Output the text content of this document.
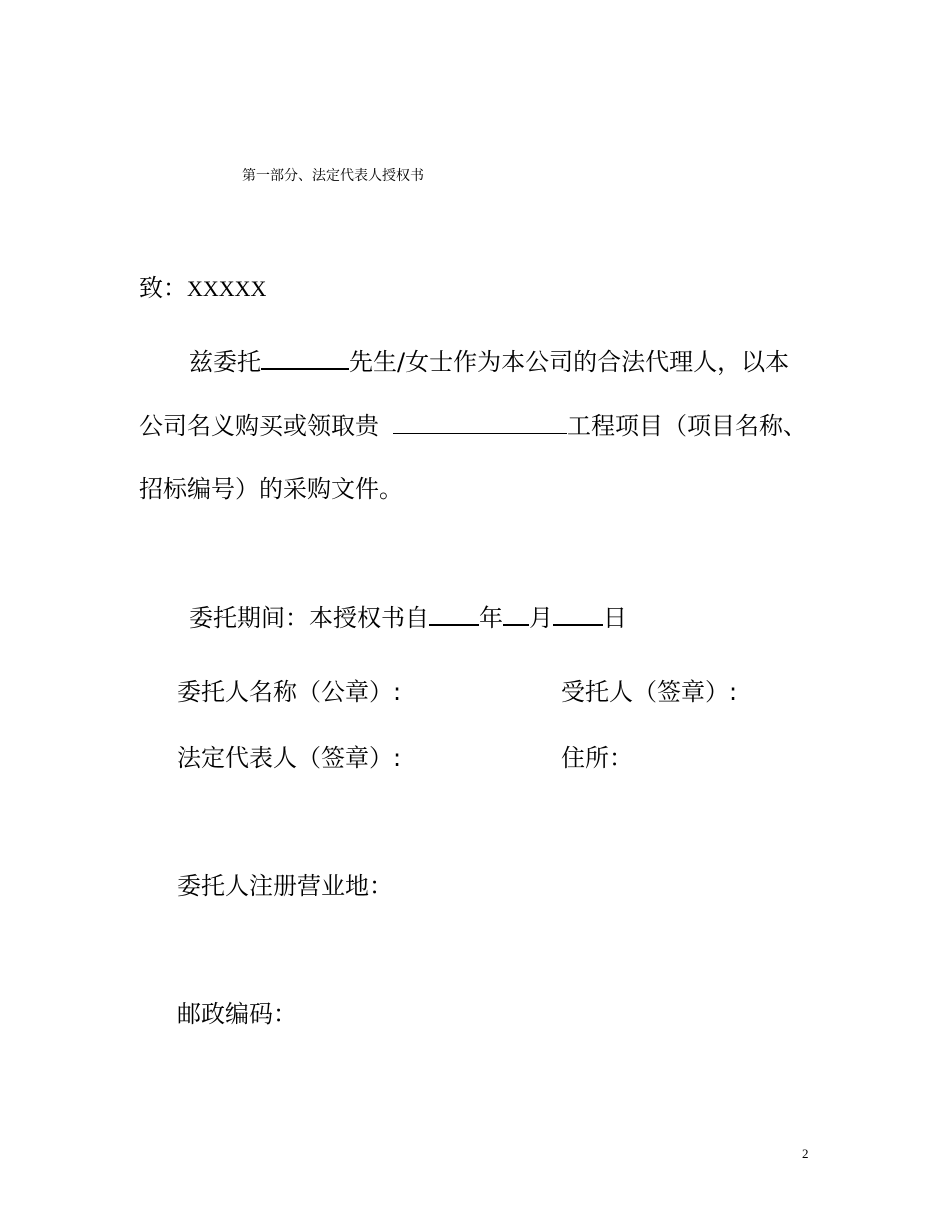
第一部分、法定代表人授权书
致：XXXXX
兹委托	先生/女士作为本公司的合法代理人，以本
公司名义购买或领取贵	工程项目（项目名称、
招标编号）的采购文件。
委托期间：本授权书自 年 月 日
委托人名称（公章）:	受托人（签章）:
法定代表人（签章）:	住所：
委托人注册营业地：
邮政编码：
2
